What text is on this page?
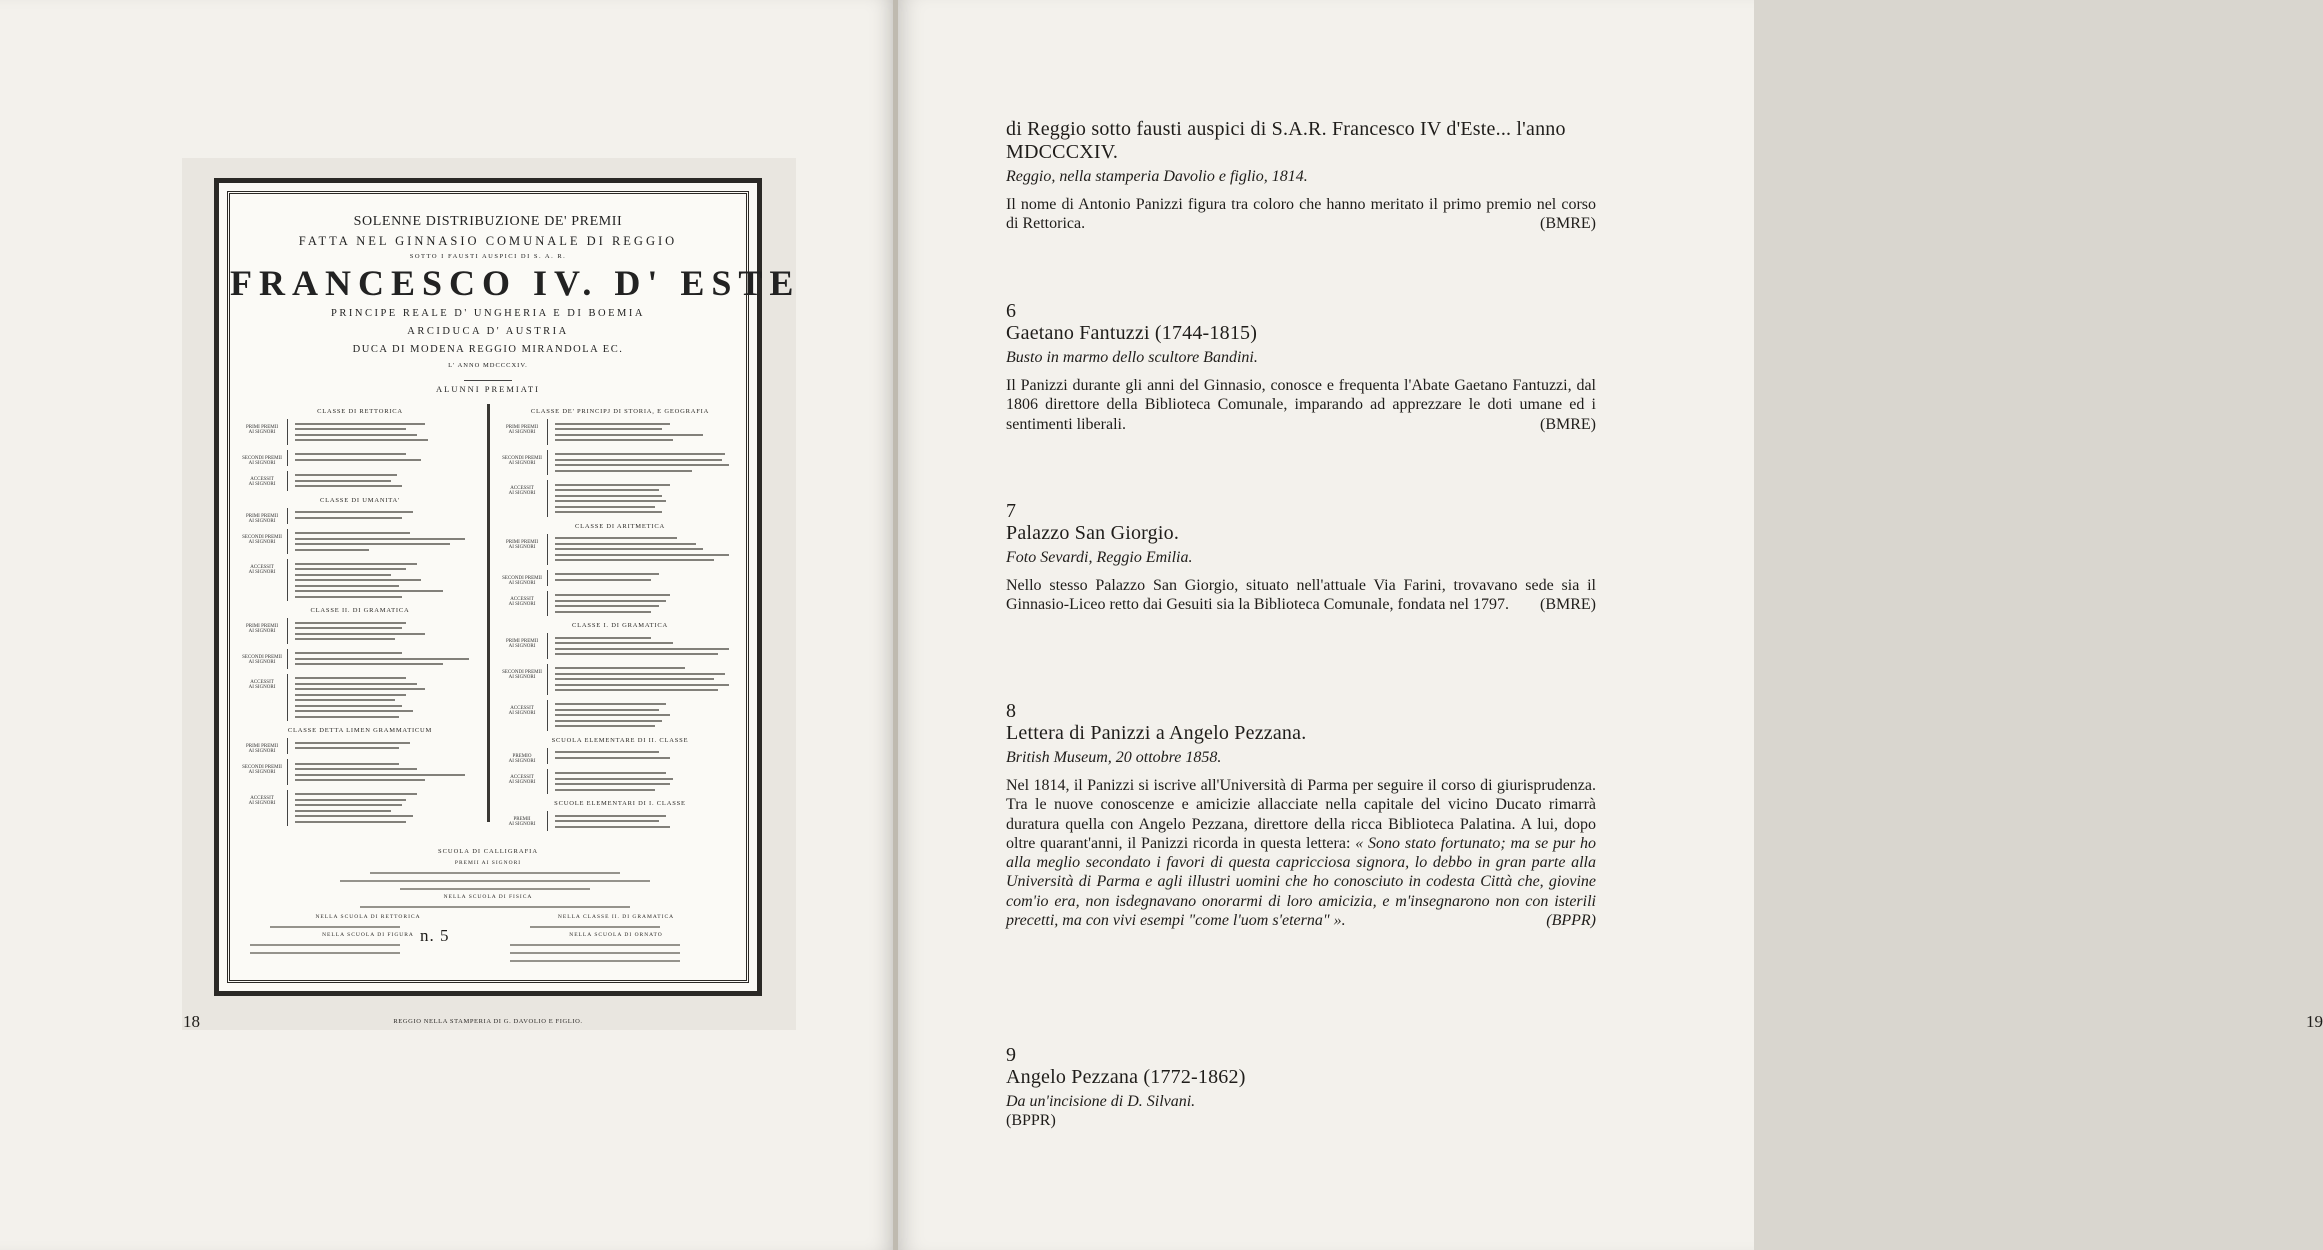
SOLENNE DISTRIBUZIONE DE' PREMII
FATTA NEL GINNASIO COMUNALE DI REGGIO
SOTTO I FAUSTI AUSPICI DI S. A. R.
FRANCESCO IV. D' ESTE
PRINCIPE REALE D' UNGHERIA E DI BOEMIA
ARCIDUCA D' AUSTRIA
DUCA DI MODENA REGGIO MIRANDOLA EC.
L' ANNO MDCCCXIV.
ALUNNI PREMIATI
CLASSE DI RETTORICA
PRIMI PREMII
AI SIGNORI
SECONDI PREMII
AI SIGNORI
ACCESSIT
AI SIGNORI
CLASSE DI UMANITA'
PRIMI PREMII
AI SIGNORI
SECONDI PREMII
AI SIGNORI
ACCESSIT
AI SIGNORI
CLASSE II. DI GRAMATICA
PRIMI PREMII
AI SIGNORI
SECONDI PREMII
AI SIGNORI
ACCESSIT
AI SIGNORI
CLASSE DETTA LIMEN GRAMMATICUM
PRIMI PREMII
AI SIGNORI
SECONDI PREMII
AI SIGNORI
ACCESSIT
AI SIGNORI
CLASSE DE' PRINCIPJ DI STORIA, E GEOGRAFIA
PRIMI PREMII
AI SIGNORI
SECONDI PREMII
AI SIGNORI
ACCESSIT
AI SIGNORI
CLASSE DI ARITMETICA
PRIMI PREMII
AI SIGNORI
SECONDI PREMII
AI SIGNORI
ACCESSIT
AI SIGNORI
CLASSE I. DI GRAMATICA
PRIMI PREMII
AI SIGNORI
SECONDI PREMII
AI SIGNORI
ACCESSIT
AI SIGNORI
SCUOLA ELEMENTARE DI II. CLASSE
PREMIO
AI SIGNORI
ACCESSIT
AI SIGNORI
SCUOLE ELEMENTARI DI I. CLASSE
PREMII
AI SIGNORI
SCUOLA DI CALLIGRAFIA
PREMII AI SIGNORI
NELLA SCUOLA DI FISICA
NELLA SCUOLA DI RETTORICA	NELLA CLASSE II. DI GRAMATICA
NELLA SCUOLA DI FIGURA	NELLA SCUOLA DI ORNATO
REGGIO NELLA STAMPERIA DI G. DAVOLIO E FIGLIO.
n. 5
18	19
di Reggio sotto fausti auspici di S.A.R. Francesco IV d'Este... l'anno MDCCCXIV.
Reggio, nella stamperia Davolio e figlio, 1814.
Il nome di Antonio Panizzi figura tra coloro che hanno meritato il primo premio nel corso di Rettorica.	(BMRE)
6
Gaetano Fantuzzi (1744-1815)
Busto in marmo dello scultore Bandini.
Il Panizzi durante gli anni del Ginnasio, conosce e frequenta l'Abate Gaetano Fantuzzi, dal 1806 direttore della Biblioteca Comunale, imparando ad apprezzare le doti umane ed i sentimenti liberali.	(BMRE)
7
Palazzo San Giorgio.
Foto Sevardi, Reggio Emilia.
Nello stesso Palazzo San Giorgio, situato nell'attuale Via Farini, trovavano sede sia il Ginnasio-Liceo retto dai Gesuiti sia la Biblioteca Comunale, fondata nel 1797. (BMRE)
8
Lettera di Panizzi a Angelo Pezzana.
British Museum, 20 ottobre 1858.
Nel 1814, il Panizzi si iscrive all'Università di Parma per seguire il corso di giurisprudenza. Tra le nuove conoscenze e amicizie allacciate nella capitale del vicino Ducato rimarrà duratura quella con Angelo Pezzana, direttore della ricca Biblioteca Palatina. A lui, dopo oltre quarant'anni, il Panizzi ricorda in questa lettera: « Sono stato fortunato; ma se pur ho alla meglio secondato i favori di questa capricciosa signora, lo debbo in gran parte alla Università di Parma e agli illustri uomini che ho conosciuto in codesta Città che, giovine com'io era, non isdegnavano onorarmi di loro amicizia, e m'insegnarono non con isterili precetti, ma con vivi esempi "come l'uom s'eterna" ».	(BPPR)
9
Angelo Pezzana (1772-1862)
Da un'incisione di D. Silvani.
(BPPR)
